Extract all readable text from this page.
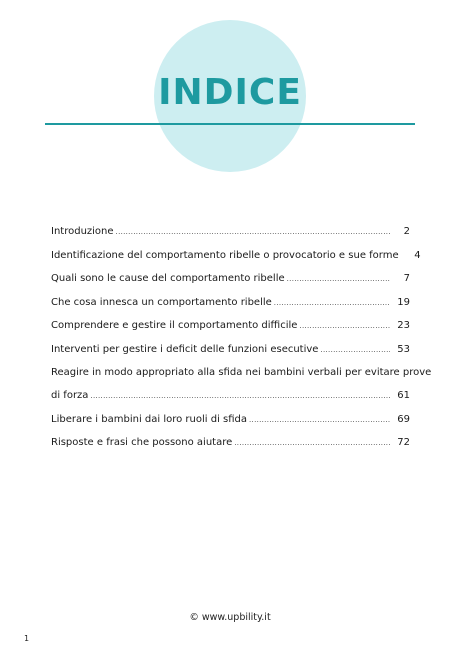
INDICE
Introduzione .....	2
Identificazione del comportamento ribelle o provocatorio e sue forme	4
Quali sono le cause del comportamento ribelle .....	7
Che cosa innesca un comportamento ribelle .....	19
Comprendere e gestire il comportamento difficile .....	23
Interventi per gestire i deficit delle funzioni esecutive .....	53
Reagire in modo appropriato alla sfida nei bambini verbali per evitare prove
di forza .....	61
Liberare i bambini dai loro ruoli di sfida .....	69
Risposte e frasi che possono aiutare .....	72
© www.upbility.it
1
